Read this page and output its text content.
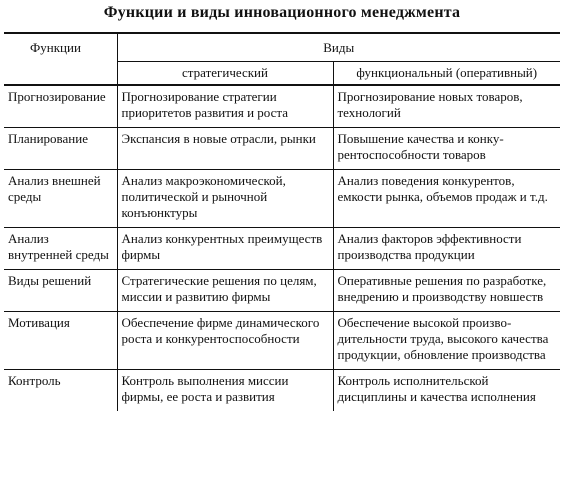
Функции и виды инновационного менеджмента
Функции	Виды	
	стратегический	функциональный (оперативный)
Прогнозирование	Прогнозирование стратегии приоритетов развития и роста	Прогнозирование новых товаров, технологий
Планирование	Экспансия в новые отрасли, рынки	Повышение качества и конкурентоспособности товаров
Анализ внешней среды	Анализ макроэкономической, политической и рыночной конъюнктуры	Анализ поведения конкурентов, емкости рынка, объемов продаж и т.д.
Анализ внутренней среды	Анализ конкурентных преимуществ фирмы	Анализ факторов эффективности производства продукции
Виды решений	Стратегические решения по целям, миссии и развитию фирмы	Оперативные решения по разработке, внедрению и производству новшеств
Мотивация	Обеспечение фирме динамического роста и конкурентоспособности	Обеспечение высокой производительности труда, высокого качества продукции, обновление производства
Контроль	Контроль выполнения миссии фирмы, ее роста и развития	Контроль исполнительской дисциплины и качества исполнения
